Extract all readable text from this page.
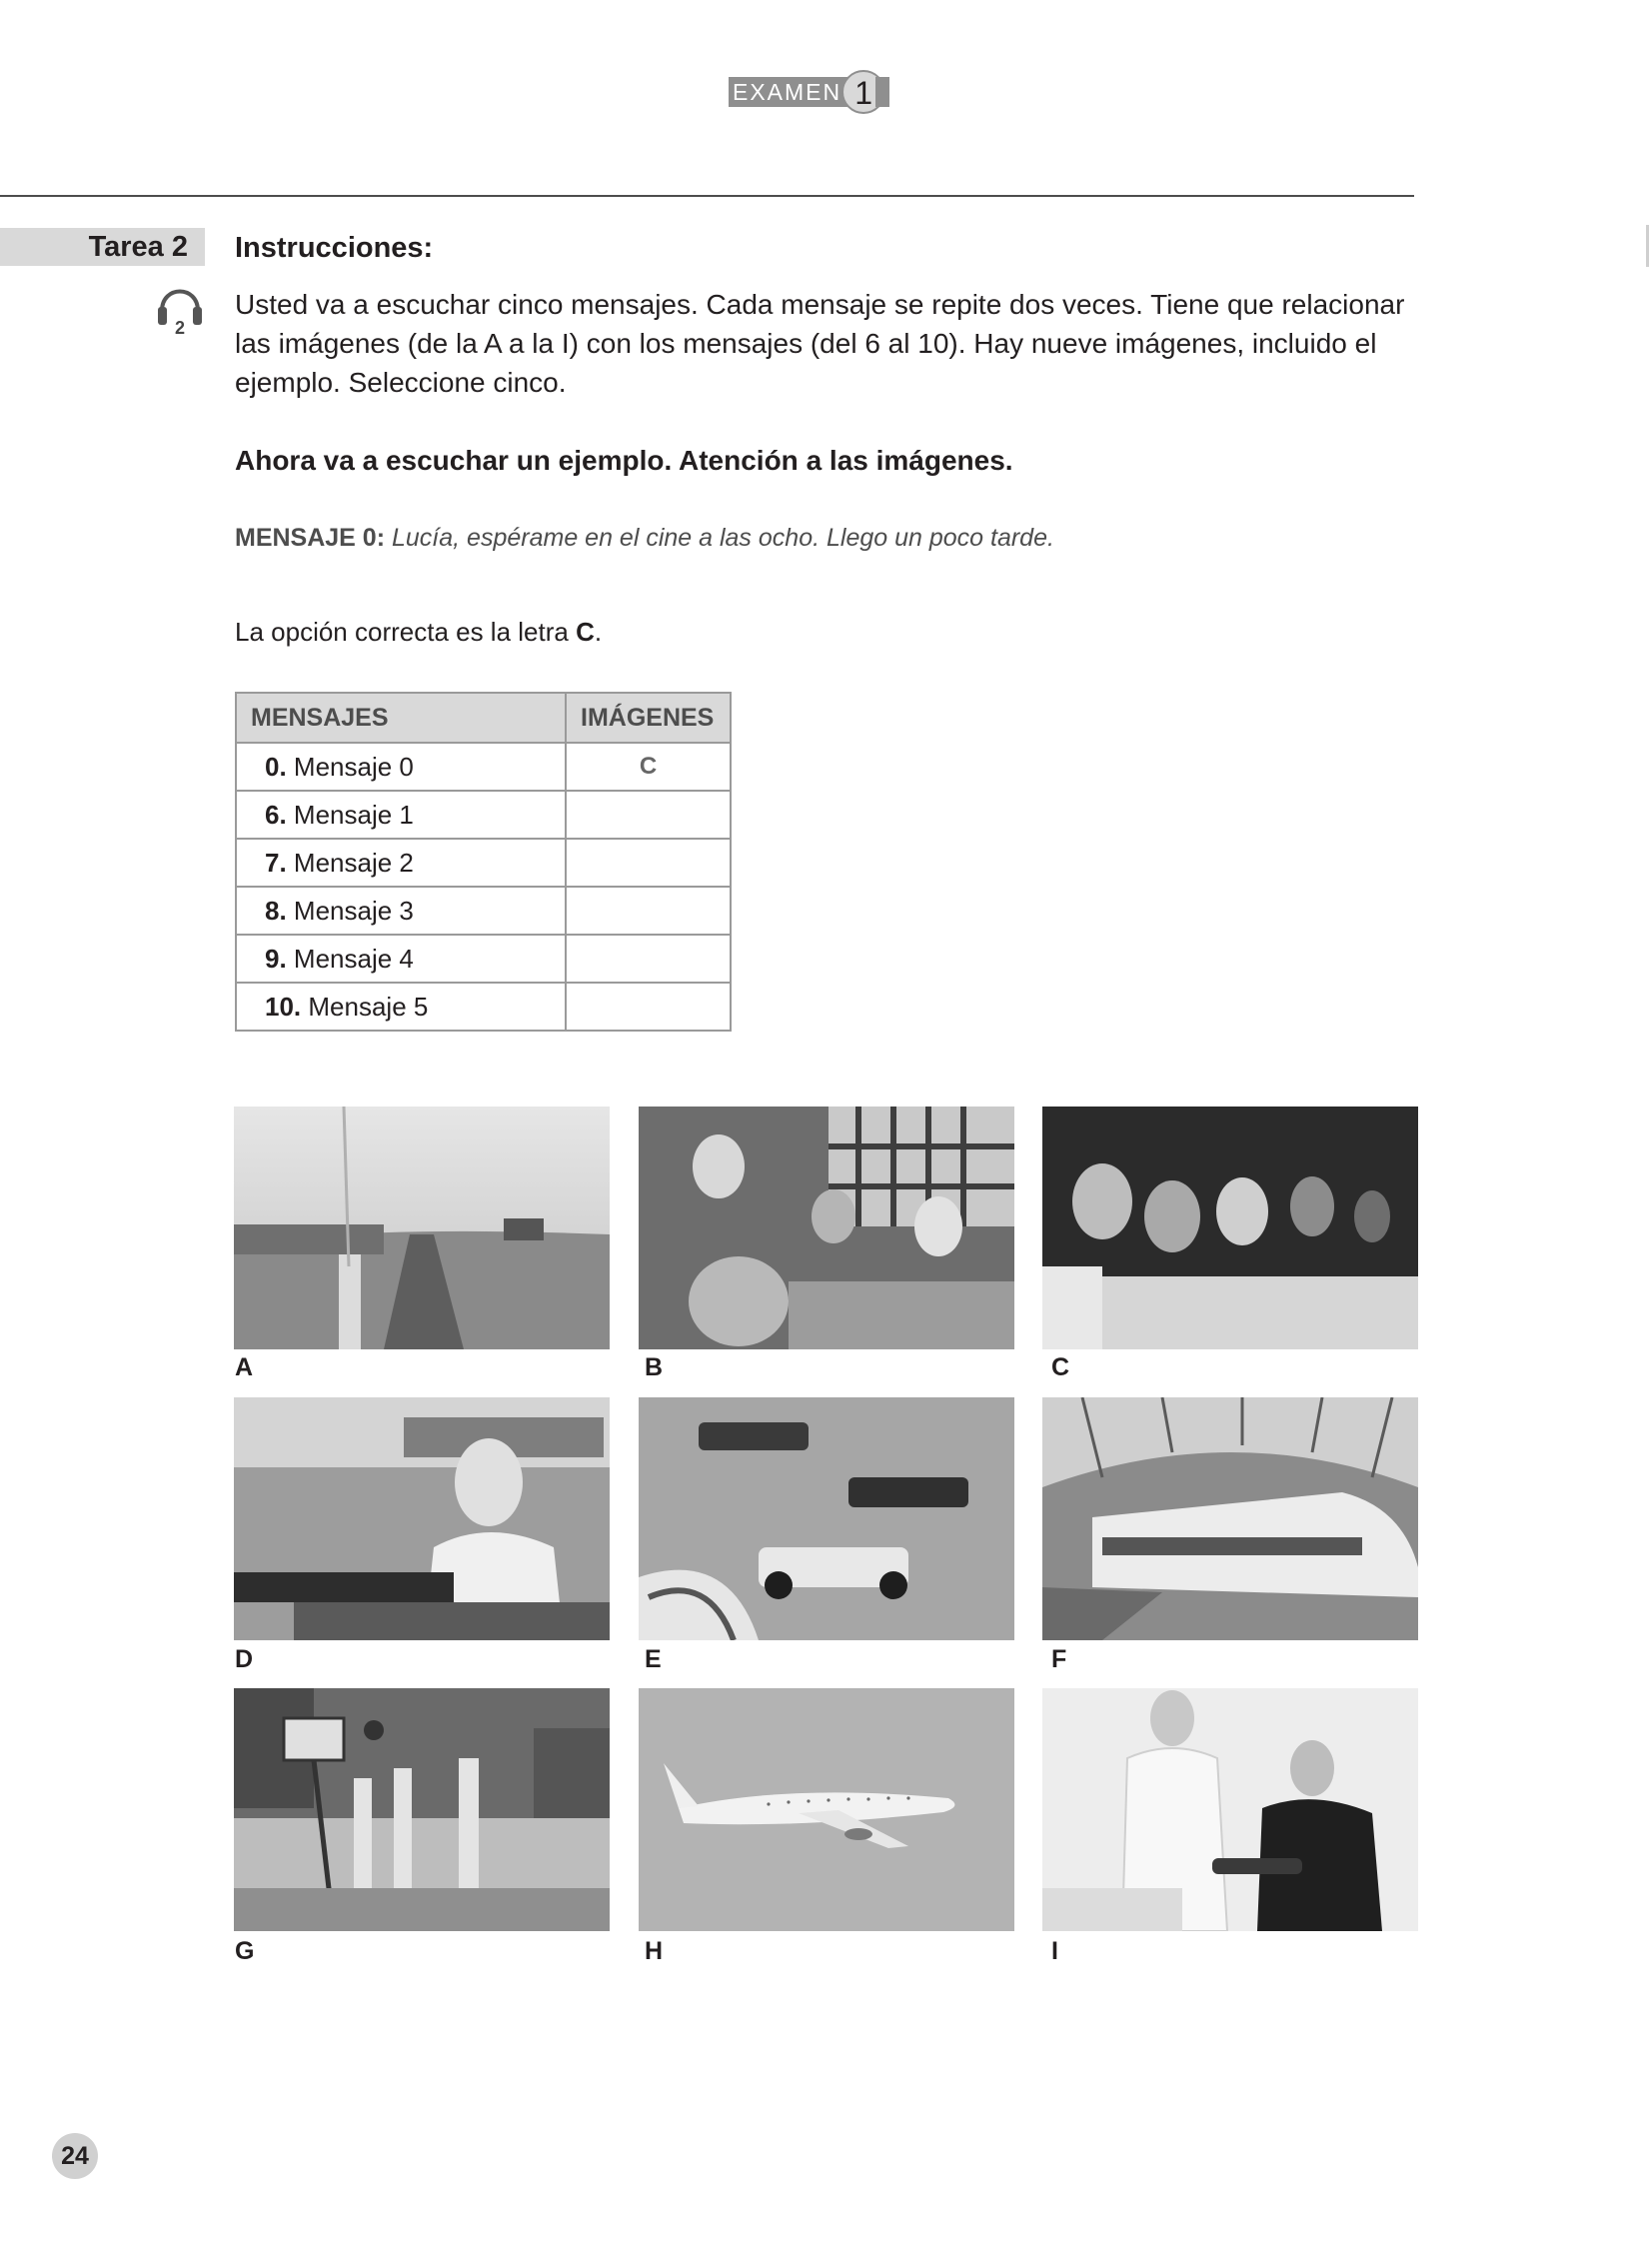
EXAMEN 1
Tarea 2
2
Instrucciones:
Usted va a escuchar cinco mensajes. Cada mensaje se repite dos veces. Tiene que relacionar las imágenes (de la A a la I) con los mensajes (del 6 al 10). Hay nueve imágenes, incluido el ejemplo. Seleccione cinco.
Ahora va a escuchar un ejemplo. Atención a las imágenes.
MENSAJE 0: Lucía, espérame en el cine a las ocho. Llego un poco tarde.
La opción correcta es la letra C.
MENSAJES	IMÁGENES
0. Mensaje 0	C
6. Mensaje 1	
7. Mensaje 2	
8. Mensaje 3	
9. Mensaje 4	
10. Mensaje 5	
A	B	C
D	E	F
G	H	I
24
